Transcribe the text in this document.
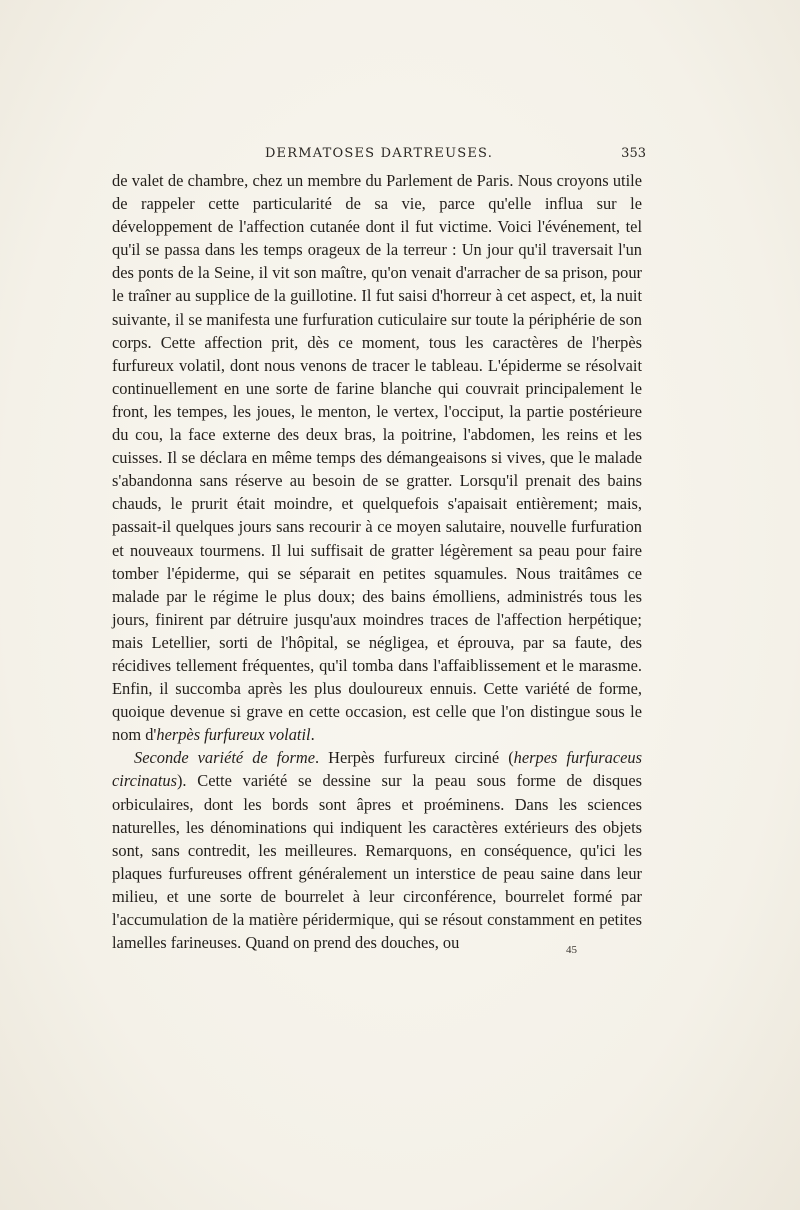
DERMATOSES DARTREUSES.	353

de valet de chambre, chez un membre du Parlement de Paris. Nous croyons utile de rappeler cette particularité de sa vie, parce qu'elle influa sur le développement de l'affection cutanée dont il fut victime. Voici l'événement, tel qu'il se passa dans les temps orageux de la terreur : Un jour qu'il traversait l'un des ponts de la Seine, il vit son maître, qu'on venait d'arracher de sa prison, pour le traîner au supplice de la guillotine. Il fut saisi d'horreur à cet aspect, et, la nuit suivante, il se manifesta une furfuration cuticulaire sur toute la périphérie de son corps. Cette affection prit, dès ce moment, tous les caractères de l'herpès furfureux volatil, dont nous venons de tracer le tableau. L'épiderme se résolvait continuellement en une sorte de farine blanche qui couvrait principalement le front, les tempes, les joues, le menton, le vertex, l'occiput, la partie postérieure du cou, la face externe des deux bras, la poitrine, l'abdomen, les reins et les cuisses. Il se déclara en même temps des démangeaisons si vives, que le malade s'abandonna sans réserve au besoin de se gratter. Lorsqu'il prenait des bains chauds, le prurit était moindre, et quelquefois s'apaisait entièrement; mais, passait-il quelques jours sans recourir à ce moyen salutaire, nouvelle furfuration et nouveaux tourmens. Il lui suffisait de gratter légèrement sa peau pour faire tomber l'épiderme, qui se séparait en petites squamules. Nous traitâmes ce malade par le régime le plus doux; des bains émolliens, administrés tous les jours, finirent par détruire jusqu'aux moindres traces de l'affection herpétique; mais Letellier, sorti de l'hôpital, se négligea, et éprouva, par sa faute, des récidives tellement fréquentes, qu'il tomba dans l'affaiblissement et le marasme. Enfin, il succomba après les plus douloureux ennuis. Cette variété de forme, quoique devenue si grave en cette occasion, est celle que l'on distingue sous le nom d'herpès furfureux volatil.

Seconde variété de forme. Herpès furfureux circiné (herpes furfuraceus circinatus). Cette variété se dessine sur la peau sous forme de disques orbiculaires, dont les bords sont âpres et proéminens. Dans les sciences naturelles, les dénominations qui indiquent les caractères extérieurs des objets sont, sans contredit, les meilleures. Remarquons, en conséquence, qu'ici les plaques furfureuses offrent généralement un interstice de peau saine dans leur milieu, et une sorte de bourrelet à leur circonférence, bourrelet formé par l'accumulation de la matière péridermique, qui se résout constamment en petites lamelles farineuses. Quand on prend des douches, ou	45
